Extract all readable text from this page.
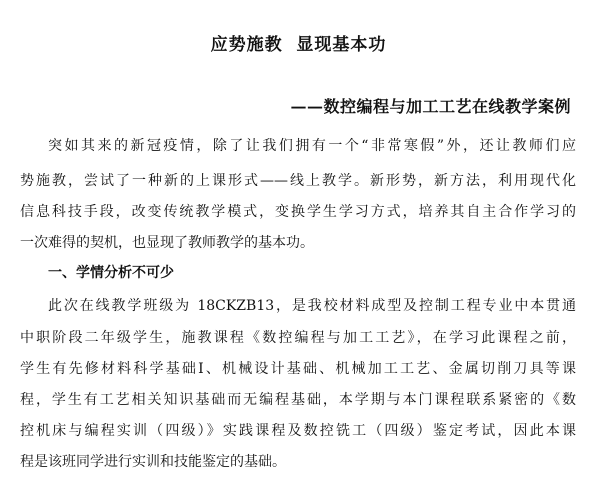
应势施教  显现基本功
——数控编程与加工工艺在线教学案例
突如其来的新冠疫情，除了让我们拥有一个“非常寒假”外，还让教师们应
势施教，尝试了一种新的上课形式——线上教学。新形势，新方法，利用现代化
信息科技手段，改变传统教学模式，变换学生学习方式，培养其自主合作学习的
一次难得的契机，也显现了教师教学的基本功。
一、学情分析不可少
此次在线教学班级为 18CKZB13，是我校材料成型及控制工程专业中本贯通
中职阶段二年级学生，施教课程《数控编程与加工工艺》，在学习此课程之前，
学生有先修材料科学基础Ⅰ、机械设计基础、机械加工工艺、金属切削刀具等课
程，学生有工艺相关知识基础而无编程基础，本学期与本门课程联系紧密的《数
控机床与编程实训（四级）》实践课程及数控铣工（四级）鉴定考试，因此本课
程是该班同学进行实训和技能鉴定的基础。
